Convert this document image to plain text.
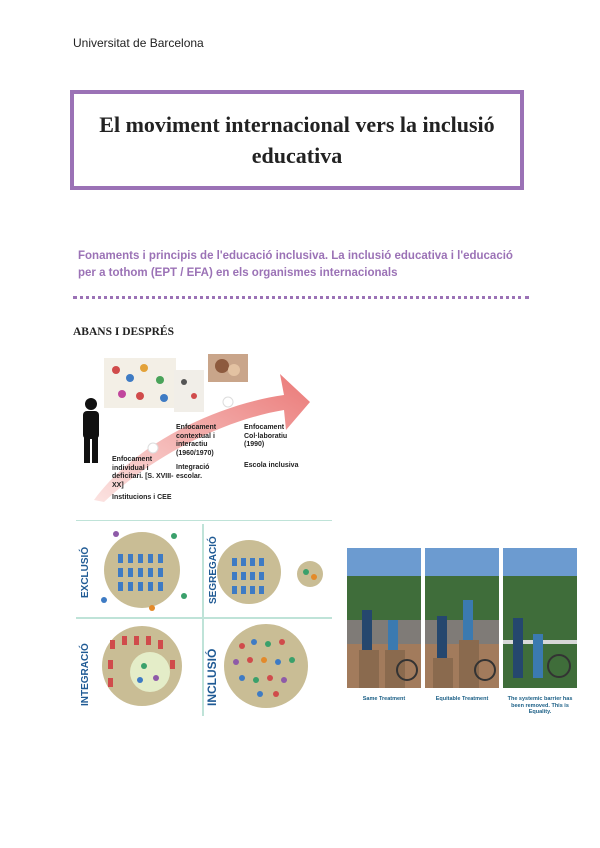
Universitat de Barcelona
El moviment internacional vers la inclusió educativa
Fonaments i principis de l'educació inclusiva. La inclusió educativa i l'educació per a tothom (EPT / EFA) en els organismes internacionals
ABANS I DESPRÉS
Enfocament individual i deficitari. [S. XVIII- XX]
Institucions i CEE
Enfocament contextual i interactiu (1960/1970)
Integració escolar.
Enfocament Col·laboratiu (1990)
Escola inclusiva
EXCLUSIÓ	SEGREGACIÓ
INTEGRACIÓ	INCLUSIÓ	Same Treatment	Equitable Treatment	The systemic barrier has been removed. This is Equality.
